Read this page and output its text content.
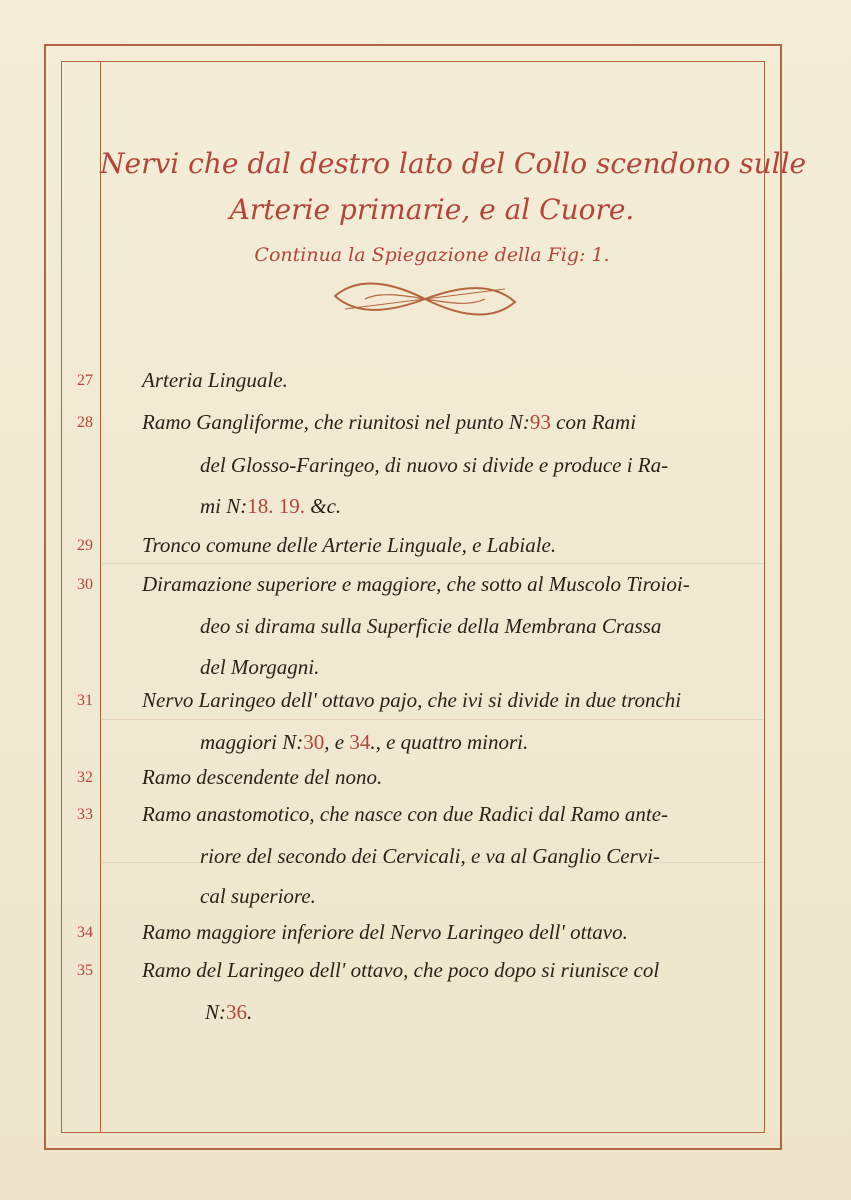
Nervi che dal destro lato del Collo scendono sulle
Arterie primarie, e al Cuore.
Continua la Spiegazione della Fig: 1.
27	Arteria Linguale.
28	Ramo Gangliforme, che riunitosi nel punto N:93 con Rami
del Glosso-Faringeo, di nuovo si divide e produce i Ra-
mi N:18. 19. &c.
29	Tronco comune delle Arterie Linguale, e Labiale.
30	Diramazione superiore e maggiore, che sotto al Muscolo Tiroioi-
deo si dirama sulla Superficie della Membrana Crassa
del Morgagni.
31	Nervo Laringeo dell' ottavo pajo, che ivi si divide in due tronchi
maggiori N:30, e 34., e quattro minori.
32	Ramo descendente del nono.
33	Ramo anastomotico, che nasce con due Radici dal Ramo ante-
riore del secondo dei Cervicali, e va al Ganglio Cervi-
cal superiore.
34	Ramo maggiore inferiore del Nervo Laringeo dell' ottavo.
35	Ramo del Laringeo dell' ottavo, che poco dopo si riunisce col
N:36.
